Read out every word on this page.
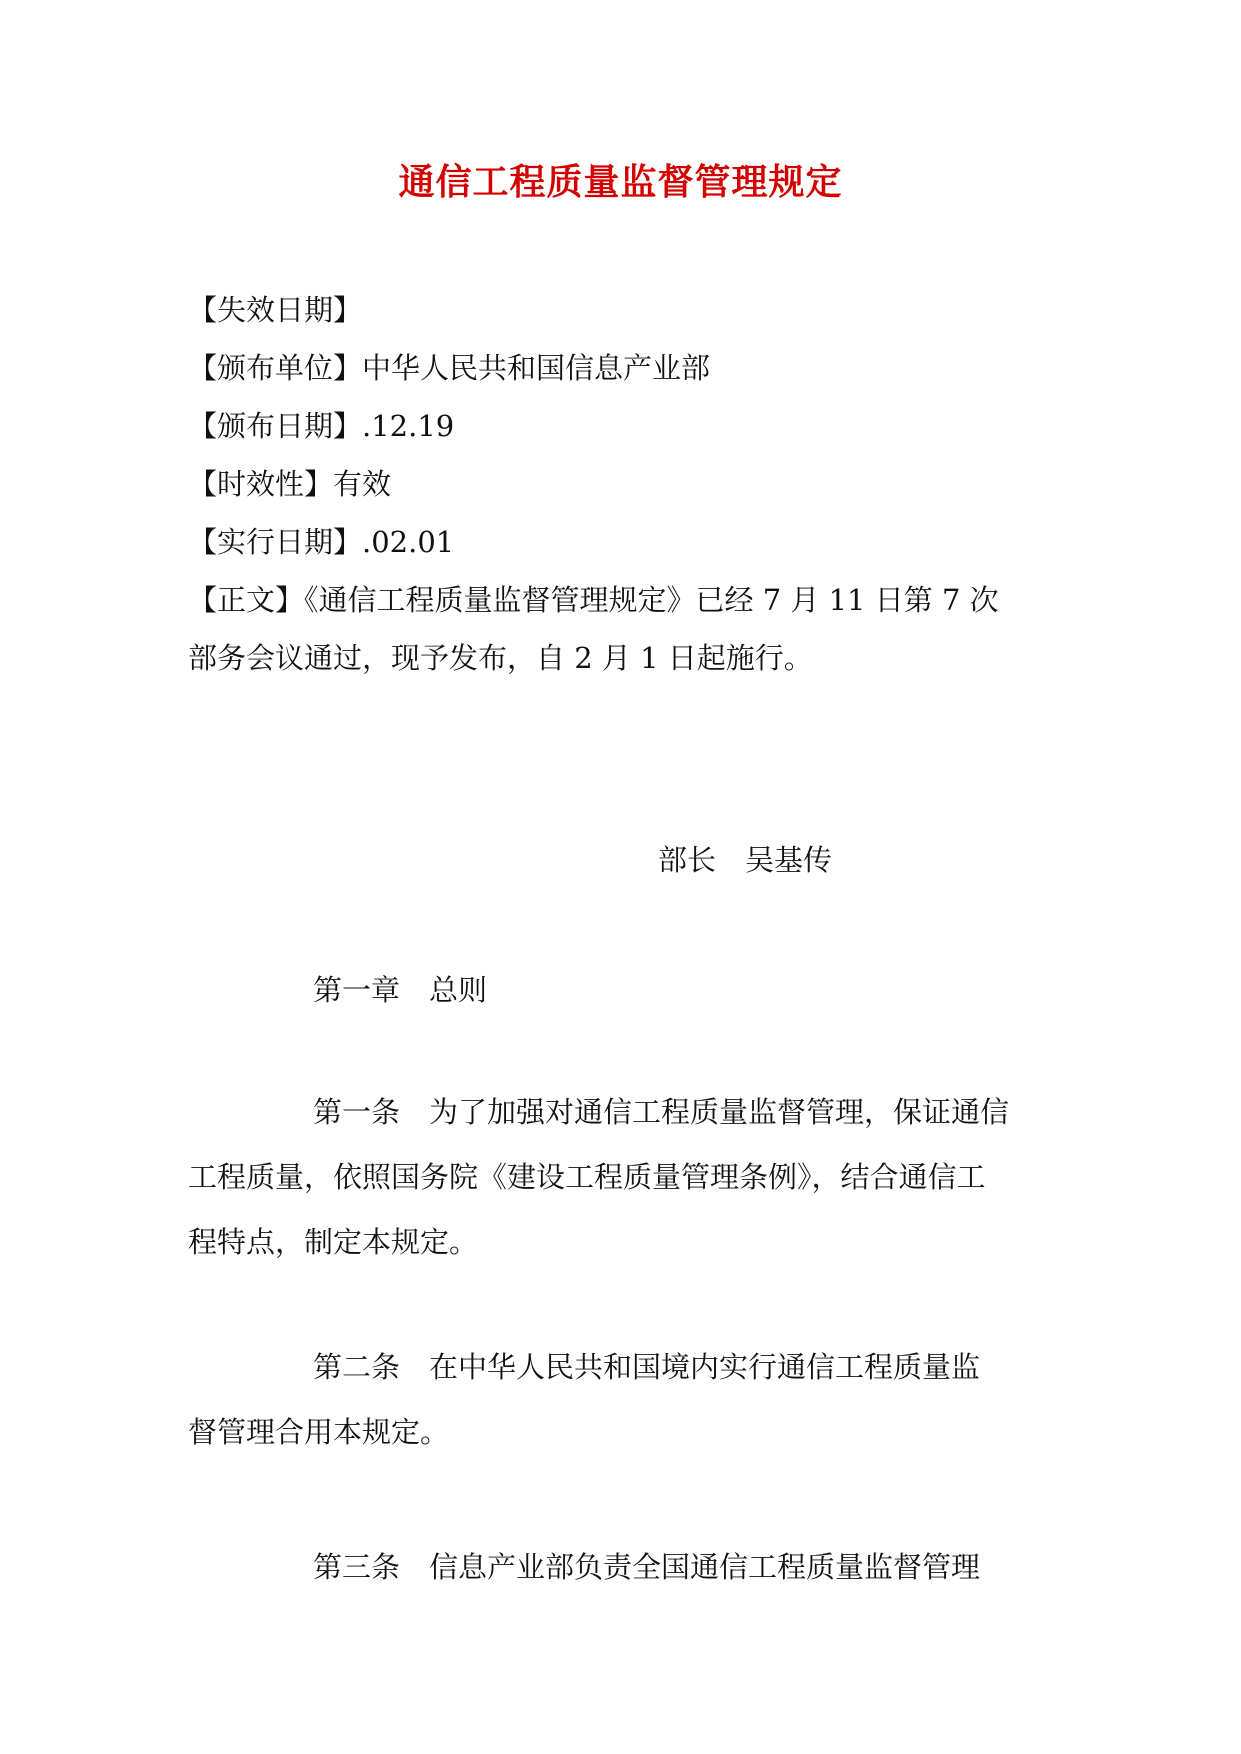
通信工程质量监督管理规定
【失效日期】
【颁布单位】中华人民共和国信息产业部
【颁布日期】.12.19
【时效性】有效
【实行日期】.02.01
【正文】《通信工程质量监督管理规定》已经 7 月 11 日第 7 次
部务会议通过，现予发布，自 2 月 1 日起施行。
部长　吴基传
第一章　总则
第一条　为了加强对通信工程质量监督管理，保证通信
工程质量，依照国务院《建设工程质量管理条例》，结合通信工
程特点，制定本规定。
第二条　在中华人民共和国境内实行通信工程质量监
督管理合用本规定。
第三条　信息产业部负责全国通信工程质量监督管理
